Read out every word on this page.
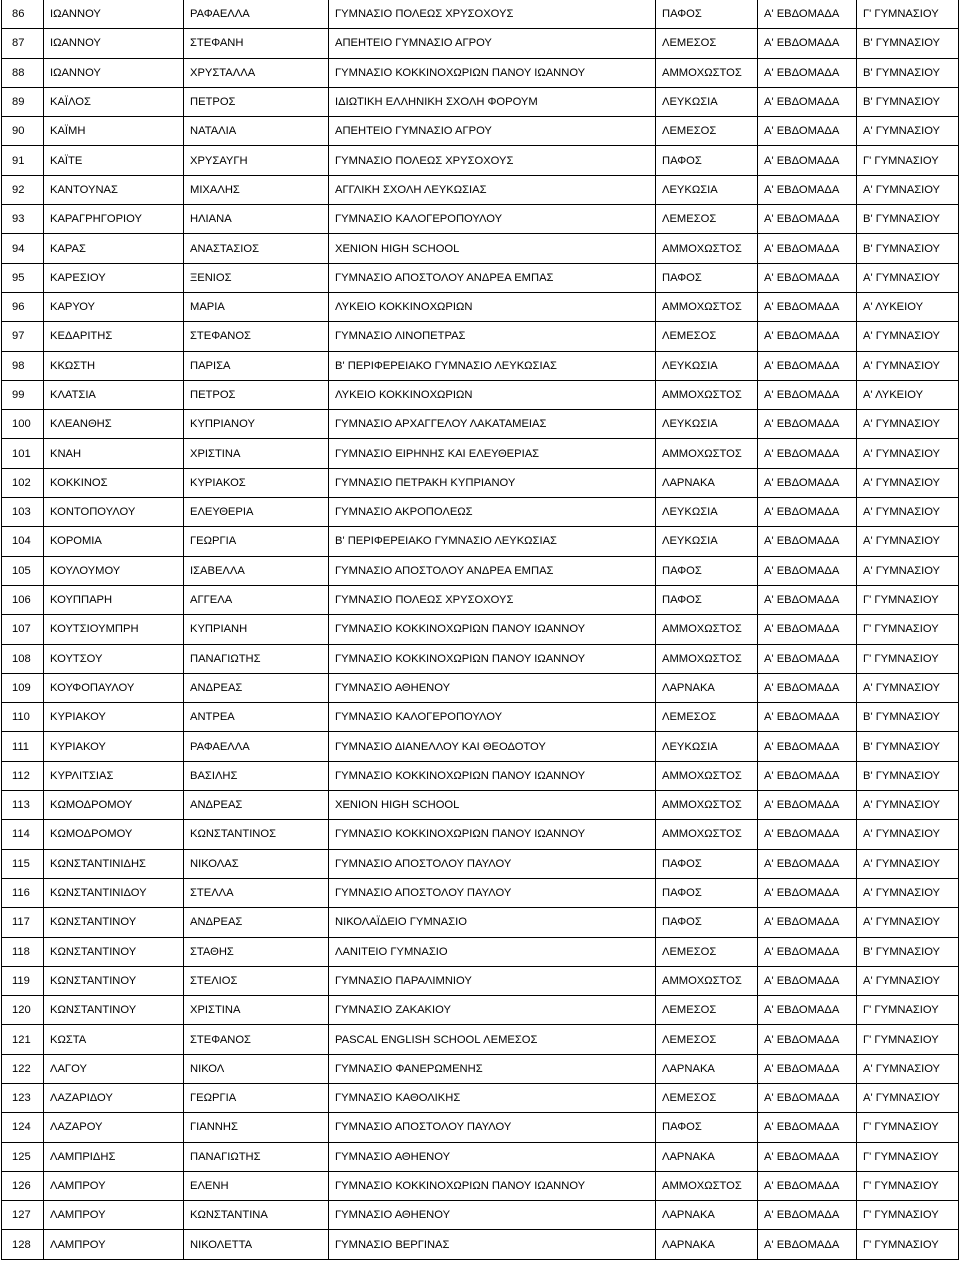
86	ΙΩΑΝΝΟΥ	ΡΑΦΑΕΛΛΑ	ΓΥΜΝΑΣΙΟ ΠΟΛΕΩΣ ΧΡΥΣΟΧΟΥΣ	ΠΑΦΟΣ	Α' ΕΒΔΟΜΑΔΑ	Γ' ΓΥΜΝΑΣΙΟΥ
87	ΙΩΑΝΝΟΥ	ΣΤΕΦΑΝΗ	ΑΠΕΗΤΕΙΟ ΓΥΜΝΑΣΙΟ ΑΓΡΟΥ	ΛΕΜΕΣΟΣ	Α' ΕΒΔΟΜΑΔΑ	Β' ΓΥΜΝΑΣΙΟΥ
88	ΙΩΑΝΝΟΥ	ΧΡΥΣΤΑΛΛΑ	ΓΥΜΝΑΣΙΟ ΚΟΚΚΙΝΟΧΩΡΙΩΝ ΠΑΝΟΥ ΙΩΑΝΝΟΥ	ΑΜΜΟΧΩΣΤΟΣ	Α' ΕΒΔΟΜΑΔΑ	Β' ΓΥΜΝΑΣΙΟΥ
89	ΚΑΪΛΟΣ	ΠΕΤΡΟΣ	ΙΔΙΩΤΙΚΗ ΕΛΛΗΝΙΚΗ ΣΧΟΛΗ ΦΟΡΟΥΜ	ΛΕΥΚΩΣΙΑ	Α' ΕΒΔΟΜΑΔΑ	Β' ΓΥΜΝΑΣΙΟΥ
90	ΚΑΪΜΗ	ΝΑΤΑΛΙΑ	ΑΠΕΗΤΕΙΟ ΓΥΜΝΑΣΙΟ ΑΓΡΟΥ	ΛΕΜΕΣΟΣ	Α' ΕΒΔΟΜΑΔΑ	Α' ΓΥΜΝΑΣΙΟΥ
91	ΚΑΪΤΕ	ΧΡΥΣΑΥΓΗ	ΓΥΜΝΑΣΙΟ ΠΟΛΕΩΣ ΧΡΥΣΟΧΟΥΣ	ΠΑΦΟΣ	Α' ΕΒΔΟΜΑΔΑ	Γ' ΓΥΜΝΑΣΙΟΥ
92	ΚΑΝΤΟΥΝΑΣ	ΜΙΧΑΛΗΣ	ΑΓΓΛΙΚΗ ΣΧΟΛΗ ΛΕΥΚΩΣΙΑΣ	ΛΕΥΚΩΣΙΑ	Α' ΕΒΔΟΜΑΔΑ	Α' ΓΥΜΝΑΣΙΟΥ
93	ΚΑΡΑΓΡΗΓΟΡΙΟΥ	ΗΛΙΑΝΑ	ΓΥΜΝΑΣΙΟ ΚΑΛΟΓΕΡΟΠΟΥΛΟΥ	ΛΕΜΕΣΟΣ	Α' ΕΒΔΟΜΑΔΑ	Β' ΓΥΜΝΑΣΙΟΥ
94	ΚΑΡΑΣ	ΑΝΑΣΤΑΣΙΟΣ	XENION HIGH SCHOOL	ΑΜΜΟΧΩΣΤΟΣ	Α' ΕΒΔΟΜΑΔΑ	Β' ΓΥΜΝΑΣΙΟΥ
95	ΚΑΡΕΣΙΟΥ	ΞΕΝΙΟΣ	ΓΥΜΝΑΣΙΟ ΑΠΟΣΤΟΛΟΥ ΑΝΔΡΕΑ ΕΜΠΑΣ	ΠΑΦΟΣ	Α' ΕΒΔΟΜΑΔΑ	Α' ΓΥΜΝΑΣΙΟΥ
96	ΚΑΡΥΟΥ	ΜΑΡΙΑ	ΛΥΚΕΙΟ ΚΟΚΚΙΝΟΧΩΡΙΩΝ	ΑΜΜΟΧΩΣΤΟΣ	Α' ΕΒΔΟΜΑΔΑ	Α' ΛΥΚΕΙΟΥ
97	ΚΕΔΑΡΙΤΗΣ	ΣΤΕΦΑΝΟΣ	ΓΥΜΝΑΣΙΟ ΛΙΝΟΠΕΤΡΑΣ	ΛΕΜΕΣΟΣ	Α' ΕΒΔΟΜΑΔΑ	Α' ΓΥΜΝΑΣΙΟΥ
98	ΚΚΩΣΤΗ	ΠΑΡΙΣΑ	Β' ΠΕΡΙΦΕΡΕΙΑΚΟ ΓΥΜΝΑΣΙΟ ΛΕΥΚΩΣΙΑΣ	ΛΕΥΚΩΣΙΑ	Α' ΕΒΔΟΜΑΔΑ	Α' ΓΥΜΝΑΣΙΟΥ
99	ΚΛΑΤΣΙΑ	ΠΕΤΡΟΣ	ΛΥΚΕΙΟ ΚΟΚΚΙΝΟΧΩΡΙΩΝ	ΑΜΜΟΧΩΣΤΟΣ	Α' ΕΒΔΟΜΑΔΑ	Α' ΛΥΚΕΙΟΥ
100	ΚΛΕΑΝΘΗΣ	ΚΥΠΡΙΑΝΟΥ	ΓΥΜΝΑΣΙΟ ΑΡΧΑΓΓΕΛΟΥ ΛΑΚΑΤΑΜΕΙΑΣ	ΛΕΥΚΩΣΙΑ	Α' ΕΒΔΟΜΑΔΑ	Α' ΓΥΜΝΑΣΙΟΥ
101	ΚΝΑΗ	ΧΡΙΣΤΙΝΑ	ΓΥΜΝΑΣΙΟ ΕΙΡΗΝΗΣ ΚΑΙ ΕΛΕΥΘΕΡΙΑΣ	ΑΜΜΟΧΩΣΤΟΣ	Α' ΕΒΔΟΜΑΔΑ	Α' ΓΥΜΝΑΣΙΟΥ
102	ΚΟΚΚΙΝΟΣ	ΚΥΡΙΑΚΟΣ	ΓΥΜΝΑΣΙΟ ΠΕΤΡΑΚΗ ΚΥΠΡΙΑΝΟΥ	ΛΑΡΝΑΚΑ	Α' ΕΒΔΟΜΑΔΑ	Α' ΓΥΜΝΑΣΙΟΥ
103	ΚΟΝΤΟΠΟΥΛΟΥ	ΕΛΕΥΘΕΡΙΑ	ΓΥΜΝΑΣΙΟ ΑΚΡΟΠΟΛΕΩΣ	ΛΕΥΚΩΣΙΑ	Α' ΕΒΔΟΜΑΔΑ	Α' ΓΥΜΝΑΣΙΟΥ
104	ΚΟΡΟΜΙΑ	ΓΕΩΡΓΙΑ	Β' ΠΕΡΙΦΕΡΕΙΑΚΟ ΓΥΜΝΑΣΙΟ ΛΕΥΚΩΣΙΑΣ	ΛΕΥΚΩΣΙΑ	Α' ΕΒΔΟΜΑΔΑ	Α' ΓΥΜΝΑΣΙΟΥ
105	ΚΟΥΛΟΥΜΟΥ	ΙΣΑΒΕΛΛΑ	ΓΥΜΝΑΣΙΟ ΑΠΟΣΤΟΛΟΥ ΑΝΔΡΕΑ ΕΜΠΑΣ	ΠΑΦΟΣ	Α' ΕΒΔΟΜΑΔΑ	Α' ΓΥΜΝΑΣΙΟΥ
106	ΚΟΥΠΠΑΡΗ	ΑΓΓΕΛΑ	ΓΥΜΝΑΣΙΟ ΠΟΛΕΩΣ ΧΡΥΣΟΧΟΥΣ	ΠΑΦΟΣ	Α' ΕΒΔΟΜΑΔΑ	Γ' ΓΥΜΝΑΣΙΟΥ
107	ΚΟΥΤΣΙΟΥΜΠΡΗ	ΚΥΠΡΙΑΝΗ	ΓΥΜΝΑΣΙΟ ΚΟΚΚΙΝΟΧΩΡΙΩΝ ΠΑΝΟΥ ΙΩΑΝΝΟΥ	ΑΜΜΟΧΩΣΤΟΣ	Α' ΕΒΔΟΜΑΔΑ	Γ' ΓΥΜΝΑΣΙΟΥ
108	ΚΟΥΤΣΟΥ	ΠΑΝΑΓΙΩΤΗΣ	ΓΥΜΝΑΣΙΟ ΚΟΚΚΙΝΟΧΩΡΙΩΝ ΠΑΝΟΥ ΙΩΑΝΝΟΥ	ΑΜΜΟΧΩΣΤΟΣ	Α' ΕΒΔΟΜΑΔΑ	Γ' ΓΥΜΝΑΣΙΟΥ
109	ΚΟΥΦΟΠΑΥΛΟΥ	ΑΝΔΡΕΑΣ	ΓΥΜΝΑΣΙΟ ΑΘΗΕΝΟΥ	ΛΑΡΝΑΚΑ	Α' ΕΒΔΟΜΑΔΑ	Α' ΓΥΜΝΑΣΙΟΥ
110	ΚΥΡΙΑΚΟΥ	ΑΝΤΡΕΑ	ΓΥΜΝΑΣΙΟ ΚΑΛΟΓΕΡΟΠΟΥΛΟΥ	ΛΕΜΕΣΟΣ	Α' ΕΒΔΟΜΑΔΑ	Β' ΓΥΜΝΑΣΙΟΥ
111	ΚΥΡΙΑΚΟΥ	ΡΑΦΑΕΛΛΑ	ΓΥΜΝΑΣΙΟ ΔΙΑΝΕΛΛΟΥ ΚΑΙ ΘΕΟΔΟΤΟΥ	ΛΕΥΚΩΣΙΑ	Α' ΕΒΔΟΜΑΔΑ	Β' ΓΥΜΝΑΣΙΟΥ
112	ΚΥΡΛΙΤΣΙΑΣ	ΒΑΣΙΛΗΣ	ΓΥΜΝΑΣΙΟ ΚΟΚΚΙΝΟΧΩΡΙΩΝ ΠΑΝΟΥ ΙΩΑΝΝΟΥ	ΑΜΜΟΧΩΣΤΟΣ	Α' ΕΒΔΟΜΑΔΑ	Β' ΓΥΜΝΑΣΙΟΥ
113	ΚΩΜΟΔΡΟΜΟΥ	ΑΝΔΡΕΑΣ	XENION HIGH SCHOOL	ΑΜΜΟΧΩΣΤΟΣ	Α' ΕΒΔΟΜΑΔΑ	Α' ΓΥΜΝΑΣΙΟΥ
114	ΚΩΜΟΔΡΟΜΟΥ	ΚΩΝΣΤΑΝΤΙΝΟΣ	ΓΥΜΝΑΣΙΟ ΚΟΚΚΙΝΟΧΩΡΙΩΝ ΠΑΝΟΥ ΙΩΑΝΝΟΥ	ΑΜΜΟΧΩΣΤΟΣ	Α' ΕΒΔΟΜΑΔΑ	Α' ΓΥΜΝΑΣΙΟΥ
115	ΚΩΝΣΤΑΝΤΙΝΙΔΗΣ	ΝΙΚΟΛΑΣ	ΓΥΜΝΑΣΙΟ ΑΠΟΣΤΟΛΟΥ ΠΑΥΛΟΥ	ΠΑΦΟΣ	Α' ΕΒΔΟΜΑΔΑ	Α' ΓΥΜΝΑΣΙΟΥ
116	ΚΩΝΣΤΑΝΤΙΝΙΔΟΥ	ΣΤΕΛΛΑ	ΓΥΜΝΑΣΙΟ ΑΠΟΣΤΟΛΟΥ ΠΑΥΛΟΥ	ΠΑΦΟΣ	Α' ΕΒΔΟΜΑΔΑ	Α' ΓΥΜΝΑΣΙΟΥ
117	ΚΩΝΣΤΑΝΤΙΝΟΥ	ΑΝΔΡΕΑΣ	ΝΙΚΟΛΑΪΔΕΙΟ ΓΥΜΝΑΣΙΟ	ΠΑΦΟΣ	Α' ΕΒΔΟΜΑΔΑ	Α' ΓΥΜΝΑΣΙΟΥ
118	ΚΩΝΣΤΑΝΤΙΝΟΥ	ΣΤΑΘΗΣ	ΛΑΝΙΤΕΙΟ ΓΥΜΝΑΣΙΟ	ΛΕΜΕΣΟΣ	Α' ΕΒΔΟΜΑΔΑ	Β' ΓΥΜΝΑΣΙΟΥ
119	ΚΩΝΣΤΑΝΤΙΝΟΥ	ΣΤΕΛΙΟΣ	ΓΥΜΝΑΣΙΟ ΠΑΡΑΛΙΜΝΙΟΥ	ΑΜΜΟΧΩΣΤΟΣ	Α' ΕΒΔΟΜΑΔΑ	Α' ΓΥΜΝΑΣΙΟΥ
120	ΚΩΝΣΤΑΝΤΙΝΟΥ	ΧΡΙΣΤΙΝΑ	ΓΥΜΝΑΣΙΟ ΖΑΚΑΚΙΟΥ	ΛΕΜΕΣΟΣ	Α' ΕΒΔΟΜΑΔΑ	Γ' ΓΥΜΝΑΣΙΟΥ
121	ΚΩΣΤΑ	ΣΤΕΦΑΝΟΣ	PASCAL ENGLISH SCHOOL ΛΕΜΕΣΟΣ	ΛΕΜΕΣΟΣ	Α' ΕΒΔΟΜΑΔΑ	Γ' ΓΥΜΝΑΣΙΟΥ
122	ΛΑΓΟΥ	ΝΙΚΟΛ	ΓΥΜΝΑΣΙΟ ΦΑΝΕΡΩΜΕΝΗΣ	ΛΑΡΝΑΚΑ	Α' ΕΒΔΟΜΑΔΑ	Α' ΓΥΜΝΑΣΙΟΥ
123	ΛΑΖΑΡΙΔΟΥ	ΓΕΩΡΓΙΑ	ΓΥΜΝΑΣΙΟ ΚΑΘΟΛΙΚΗΣ	ΛΕΜΕΣΟΣ	Α' ΕΒΔΟΜΑΔΑ	Α' ΓΥΜΝΑΣΙΟΥ
124	ΛΑΖΑΡΟΥ	ΓΙΑΝΝΗΣ	ΓΥΜΝΑΣΙΟ ΑΠΟΣΤΟΛΟΥ ΠΑΥΛΟΥ	ΠΑΦΟΣ	Α' ΕΒΔΟΜΑΔΑ	Γ' ΓΥΜΝΑΣΙΟΥ
125	ΛΑΜΠΡΙΔΗΣ	ΠΑΝΑΓΙΩΤΗΣ	ΓΥΜΝΑΣΙΟ ΑΘΗΕΝΟΥ	ΛΑΡΝΑΚΑ	Α' ΕΒΔΟΜΑΔΑ	Γ' ΓΥΜΝΑΣΙΟΥ
126	ΛΑΜΠΡΟΥ	ΕΛΕΝΗ	ΓΥΜΝΑΣΙΟ ΚΟΚΚΙΝΟΧΩΡΙΩΝ ΠΑΝΟΥ ΙΩΑΝΝΟΥ	ΑΜΜΟΧΩΣΤΟΣ	Α' ΕΒΔΟΜΑΔΑ	Γ' ΓΥΜΝΑΣΙΟΥ
127	ΛΑΜΠΡΟΥ	ΚΩΝΣΤΑΝΤΙΝΑ	ΓΥΜΝΑΣΙΟ ΑΘΗΕΝΟΥ	ΛΑΡΝΑΚΑ	Α' ΕΒΔΟΜΑΔΑ	Γ' ΓΥΜΝΑΣΙΟΥ
128	ΛΑΜΠΡΟΥ	ΝΙΚΟΛΕΤΤΑ	ΓΥΜΝΑΣΙΟ ΒΕΡΓΙΝΑΣ	ΛΑΡΝΑΚΑ	Α' ΕΒΔΟΜΑΔΑ	Γ' ΓΥΜΝΑΣΙΟΥ
